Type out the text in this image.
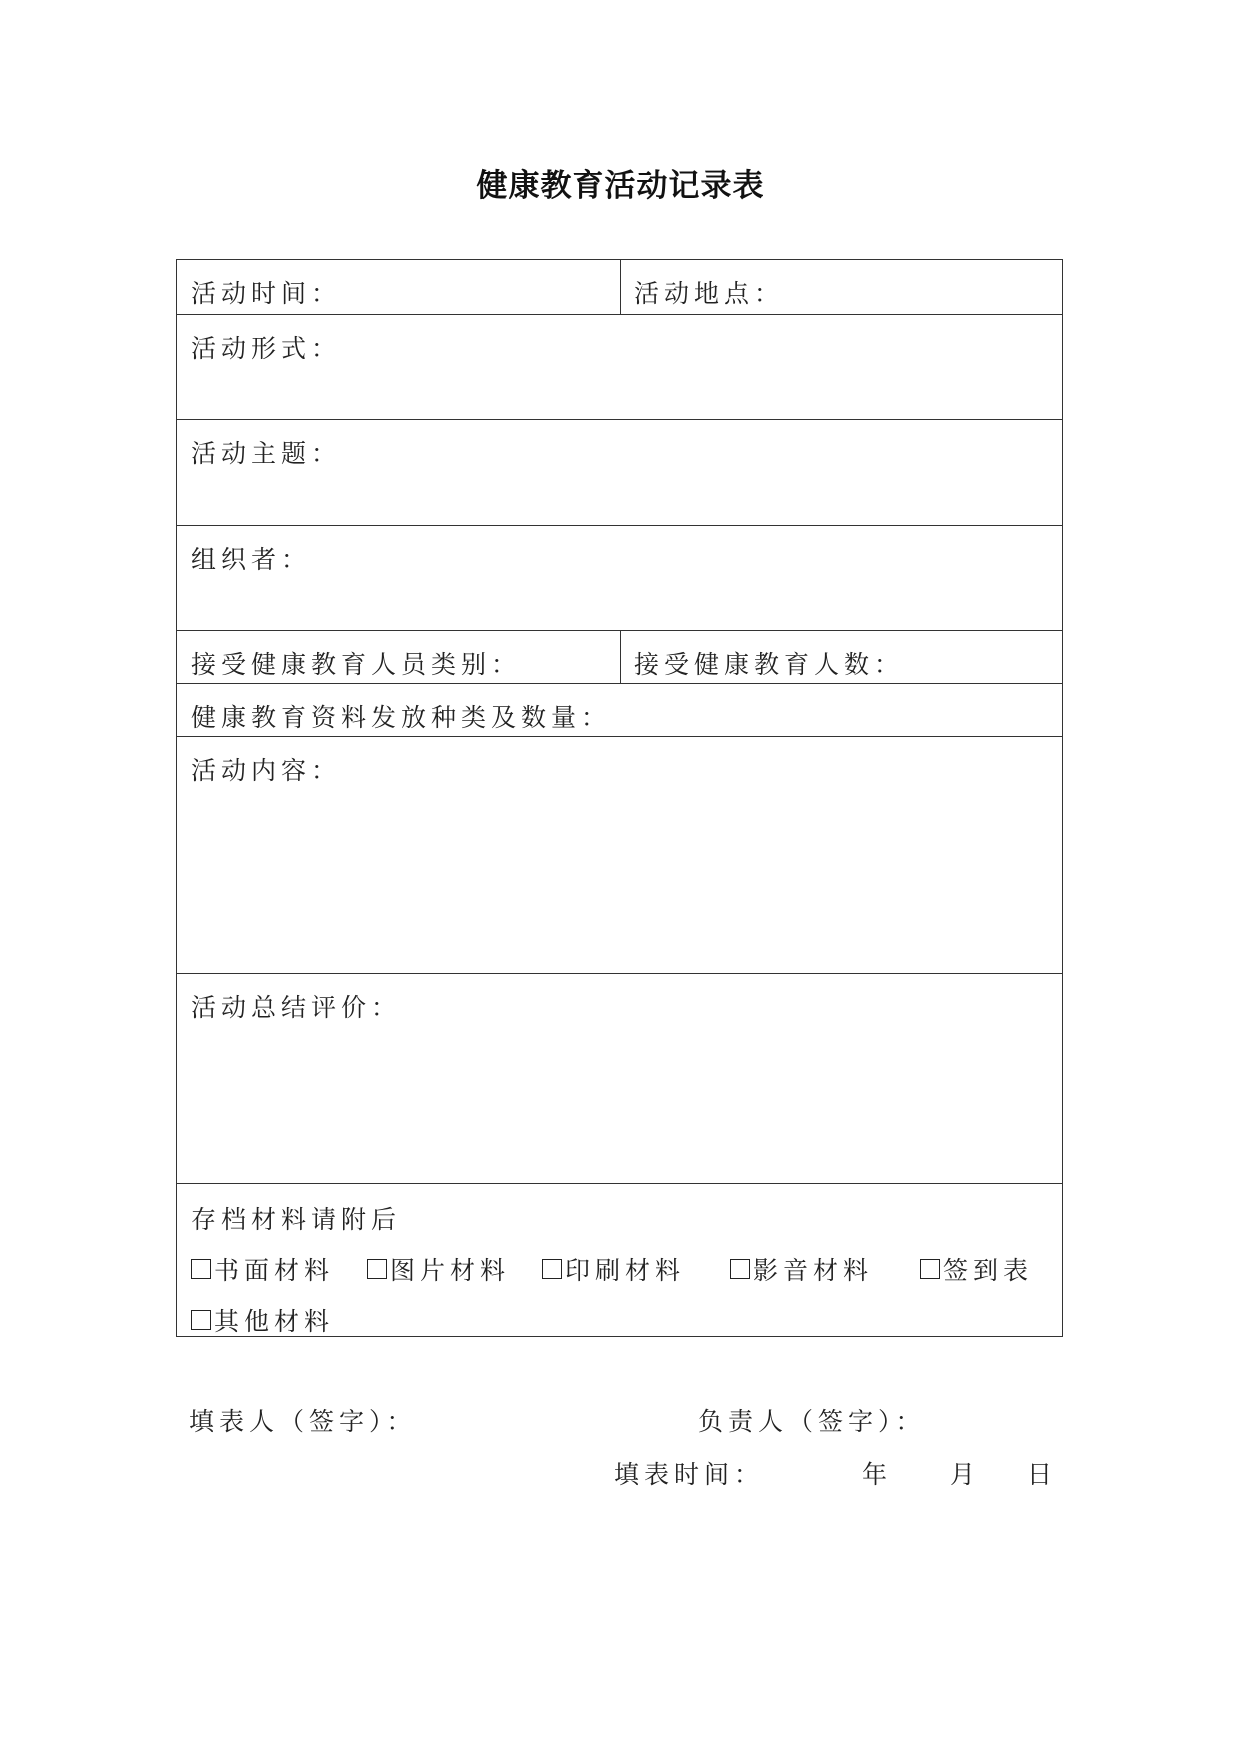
健康教育活动记录表
活动时间：	活动地点：
活动形式：
活动主题：
组织者：
接受健康教育人员类别：	接受健康教育人数：
健康教育资料发放种类及数量：
活动内容：
活动总结评价：
存档材料请附后
书面材料 图片材料 印刷材料	影音材料	签到表
其他材料
填表人（签字）：	负责人（签字）：
填表时间：	年 月 日
